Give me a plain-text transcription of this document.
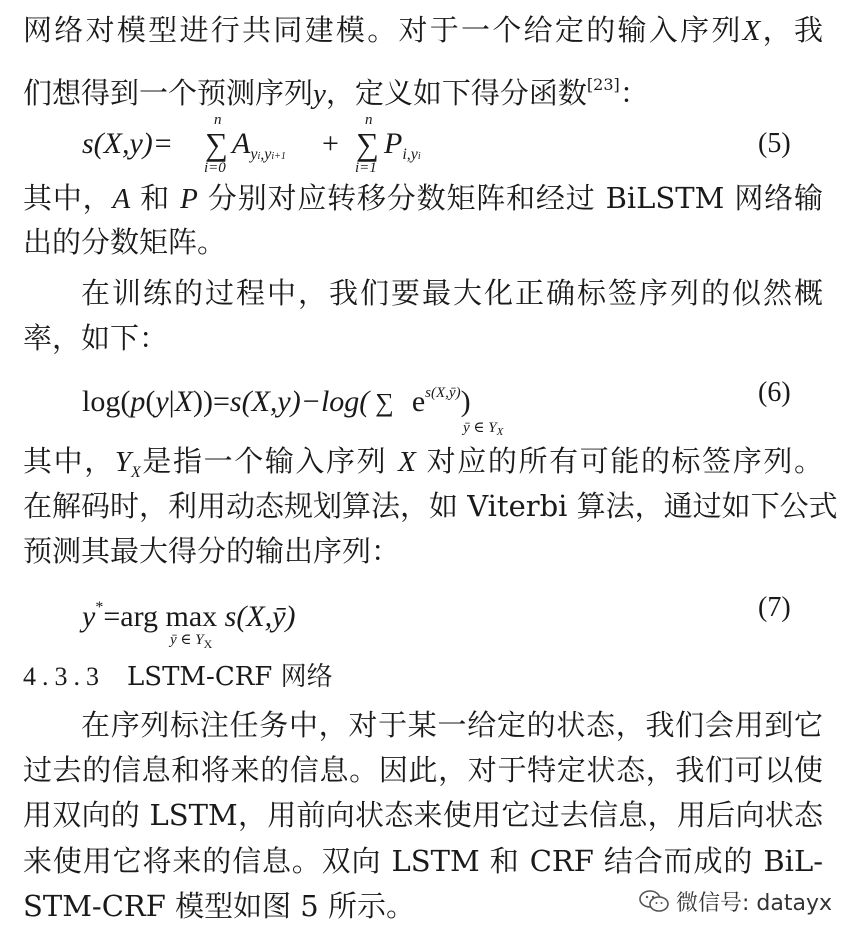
网络对模型进行共同建模。对于一个给定的输入序列X，我
们想得到一个预测序列y，定义如下得分函数[23]：
s(X,y)= ∑
n
i=0
$A_{yi,yi+1}$ + ∑
n
i=1
$P_{i,yi}$	(5)
其中，A 和 P 分别对应转移分数矩阵和经过 BiLSTM 网络输
出的分数矩阵。
在训练的过程中，我们要最大化正确标签序列的似然概
率，如下：
log(p(y|X))=s(X,y)−log( ∑ $e^{s(X,ȳ)}$)
ȳ ∈ $Y_X$
(6)
其中，$Y_X$是指一个输入序列 X 对应的所有可能的标签序列。
在解码时，利用动态规划算法，如 Viterbi 算法，通过如下公式
预测其最大得分的输出序列：
y*=arg max s(X,ȳ)
ȳ ∈ $Y_X$
(7)
4.3.3 LSTM-CRF 网络
在序列标注任务中，对于某一给定的状态，我们会用到它
过去的信息和将来的信息。因此，对于特定状态，我们可以使
用双向的 LSTM，用前向状态来使用它过去信息，用后向状态
来使用它将来的信息。双向 LSTM 和 CRF 结合而成的 BiL-
STM-CRF 模型如图 5 所示。	微信号: datayx
